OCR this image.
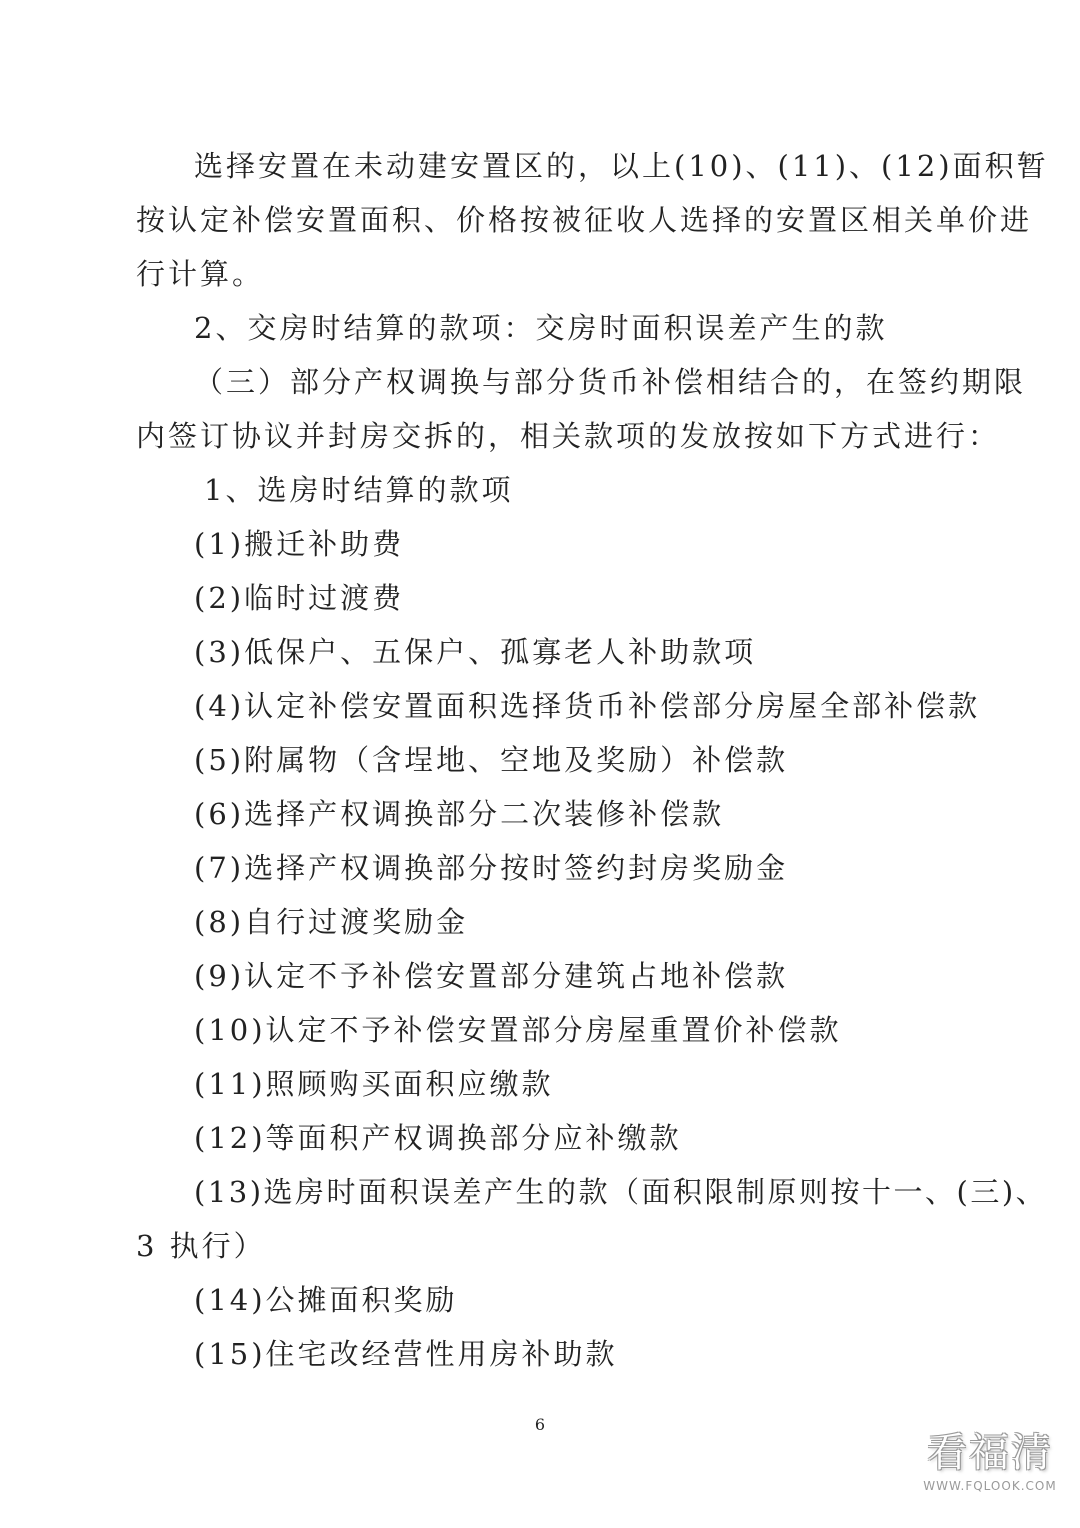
选择安置在未动建安置区的，以上(10)、(11)、(12)面积暂
按认定补偿安置面积、价格按被征收人选择的安置区相关单价进
行计算。
2、交房时结算的款项：交房时面积误差产生的款
（三）部分产权调换与部分货币补偿相结合的，在签约期限
内签订协议并封房交拆的，相关款项的发放按如下方式进行：
1、选房时结算的款项
(1)搬迁补助费
(2)临时过渡费
(3)低保户、五保户、孤寡老人补助款项
(4)认定补偿安置面积选择货币补偿部分房屋全部补偿款
(5)附属物（含埕地、空地及奖励）补偿款
(6)选择产权调换部分二次装修补偿款
(7)选择产权调换部分按时签约封房奖励金
(8)自行过渡奖励金
(9)认定不予补偿安置部分建筑占地补偿款
(10)认定不予补偿安置部分房屋重置价补偿款
(11)照顾购买面积应缴款
(12)等面积产权调换部分应补缴款
(13)选房时面积误差产生的款（面积限制原则按十一、(三)、
3 执行）
(14)公摊面积奖励
(15)住宅改经营性用房补助款
6
看福清
WWW.FQLOOK.COM
